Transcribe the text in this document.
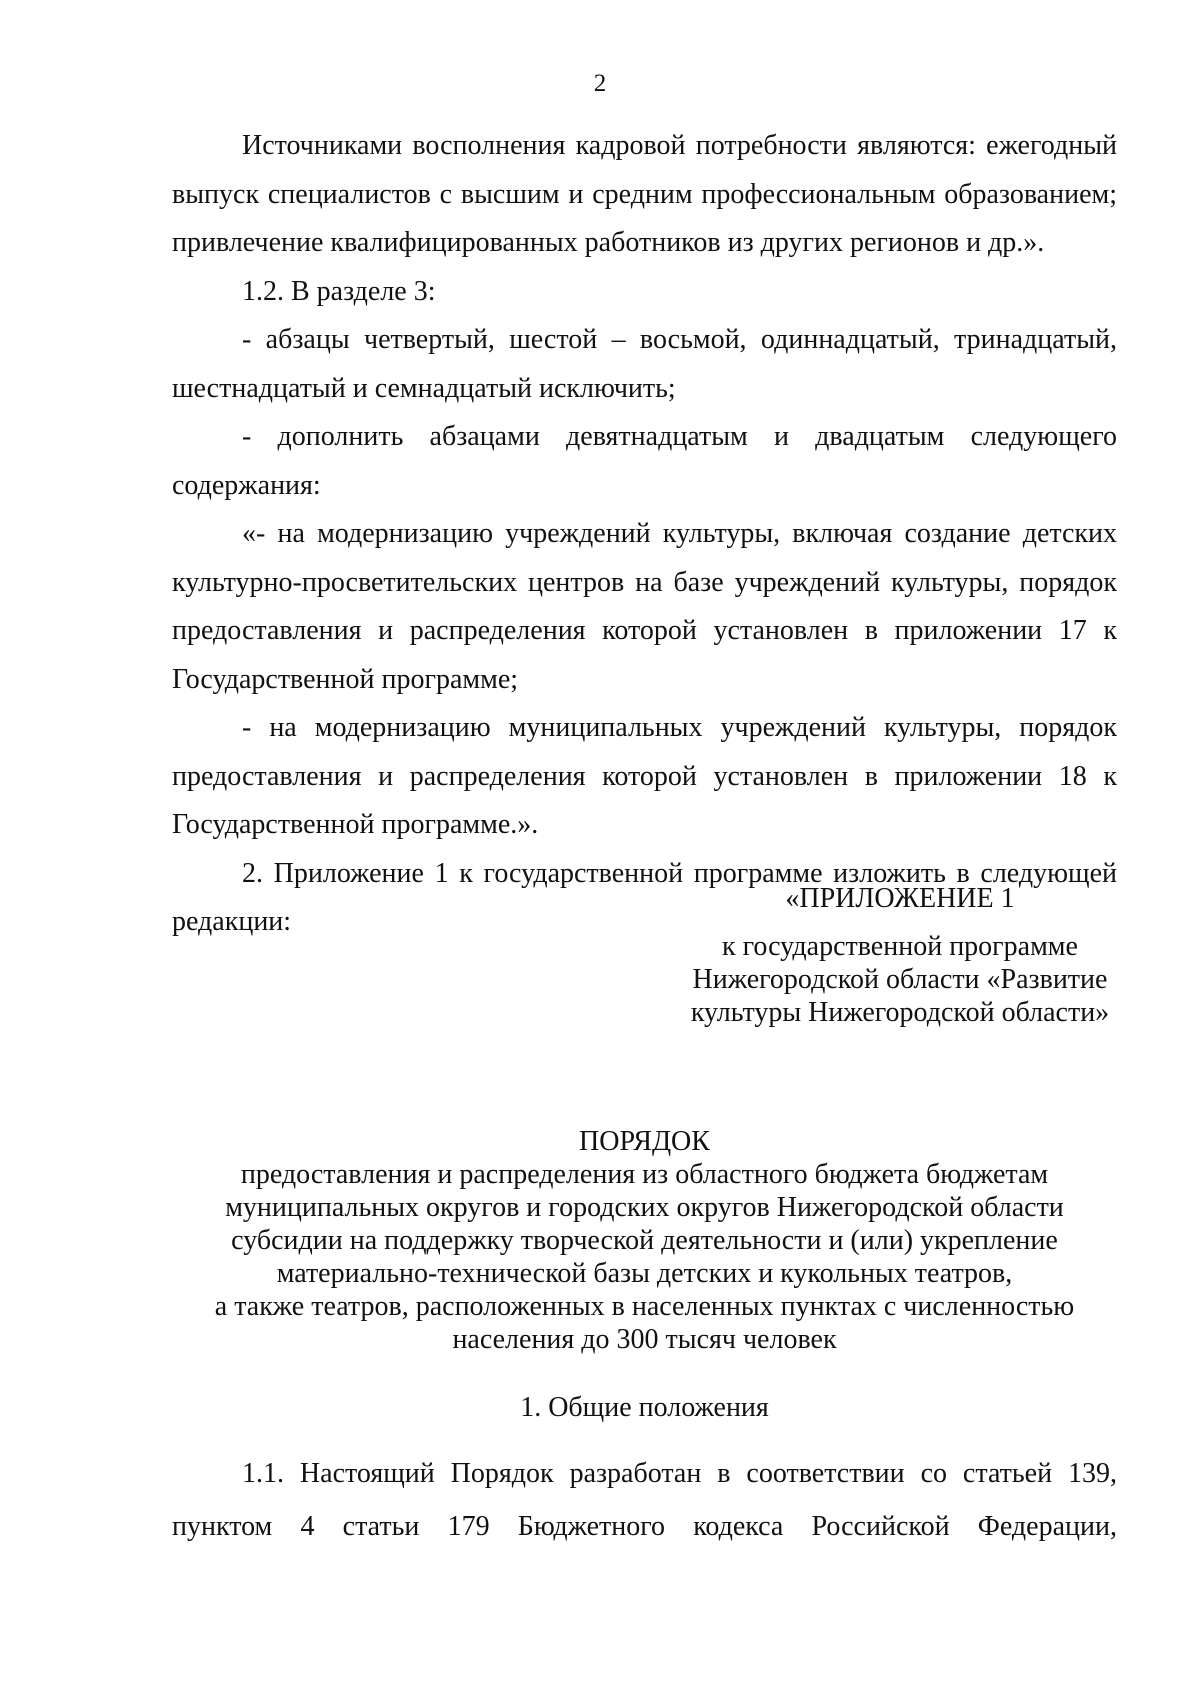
2

Источниками восполнения кадровой потребности являются: ежегодный выпуск специалистов с высшим и средним профессиональным образованием; привлечение квалифицированных работников из других регионов и др.».

1.2. В разделе 3:

- абзацы четвертый, шестой – восьмой, одиннадцатый, тринадцатый, шестнадцатый и семнадцатый исключить;

- дополнить абзацами девятнадцатым и двадцатым следующего содержания:

«- на модернизацию учреждений культуры, включая создание детских культурно-просветительских центров на базе учреждений культуры, порядок предоставления и распределения которой установлен в приложении 17 к Государственной программе;

- на модернизацию муниципальных учреждений культуры, порядок предоставления и распределения которой установлен в приложении 18 к Государственной программе.».

2. Приложение 1 к государственной программе изложить в следующей редакции:

«ПРИЛОЖЕНИЕ 1
к государственной программе
Нижегородской области «Развитие
культуры Нижегородской области»
ПОРЯДОК
предоставления и распределения из областного бюджета бюджетам
муниципальных округов и городских округов Нижегородской области
субсидии на поддержку творческой деятельности и (или) укрепление
материально-технической базы детских и кукольных театров,
а также театров, расположенных в населенных пунктах с численностью
населения до 300 тысяч человек
1. Общие положения

1.1. Настоящий Порядок разработан в соответствии со статьей 139,

пунктом 4 статьи 179 Бюджетного кодекса Российской Федерации,
